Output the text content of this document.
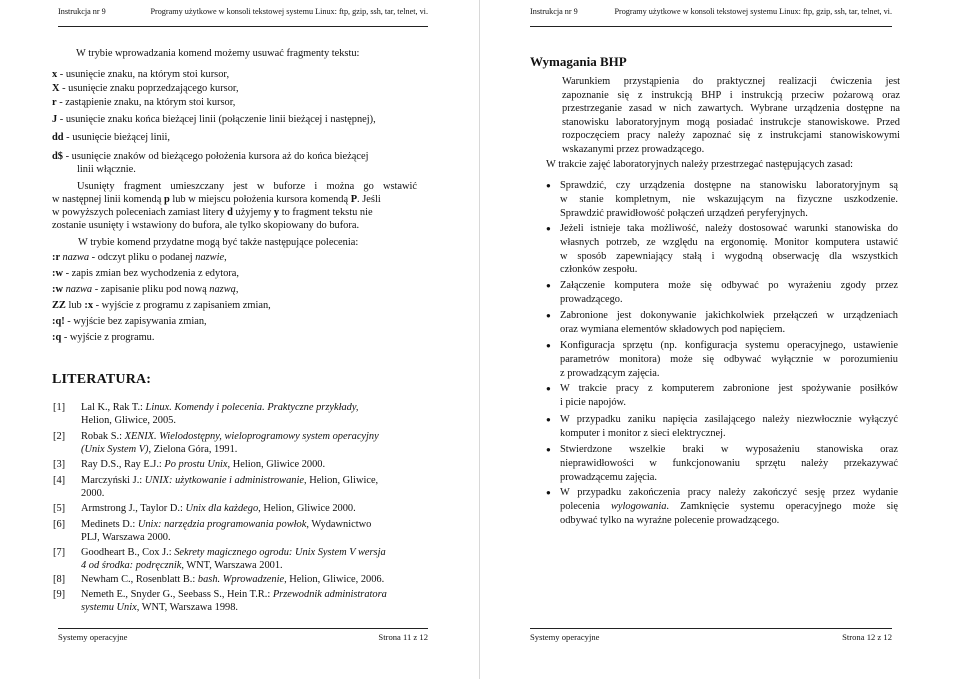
Instrukcja nr 9	Programy użytkowe w konsoli tekstowej systemu Linux: ftp, gzip, ssh, tar, telnet, vi.
W trybie wprowadzania komend możemy usuwać fragmenty tekstu:
x - usunięcie znaku, na którym stoi kursor,
X - usunięcie znaku poprzedzającego kursor,
r - zastąpienie znaku, na którym stoi kursor,
J - usunięcie znaku końca bieżącej linii (połączenie linii bieżącej i następnej),
dd - usunięcie bieżącej linii,
d$ - usunięcie znaków od bieżącego położenia kursora aż do końca bieżącej
linii włącznie.
Usunięty fragment umieszczany jest w buforze i można go wstawić
w następnej linii komendą p lub w miejscu położenia kursora komendą P. Jeśli
w powyższych poleceniach zamiast litery d użyjemy y to fragment tekstu nie
zostanie usunięty i wstawiony do bufora, ale tylko skopiowany do bufora.
W trybie komend przydatne mogą być także następujące polecenia:
:r nazwa - odczyt pliku o podanej nazwie,
:w - zapis zmian bez wychodzenia z edytora,
:w nazwa - zapisanie pliku pod nową nazwą,
ZZ lub :x - wyjście z programu z zapisaniem zmian,
:q! - wyjście bez zapisywania zmian,
:q - wyjście z programu.
LITERATURA:
[1] Lal K., Rak T.: Linux. Komendy i polecenia. Praktyczne przykłady,
Helion, Gliwice, 2005.
[2] Robak S.: XENIX. Wielodostępny, wieloprogramowy system operacyjny
(Unix System V), Zielona Góra, 1991.
[3] Ray D.S., Ray E.J.: Po prostu Unix, Helion, Gliwice 2000.
[4] Marczyński J.: UNIX: użytkowanie i administrowanie, Helion, Gliwice,
2000.
[5] Armstrong J., Taylor D.: Unix dla każdego, Helion, Gliwice 2000.
[6] Medinets D.: Unix: narzędzia programowania powłok, Wydawnictwo
PLJ, Warszawa 2000.
[7] Goodheart B., Cox J.: Sekrety magicznego ogrodu: Unix System V wersja
4 od środka: podręcznik, WNT, Warszawa 2001.
[8] Newham C., Rosenblatt B.: bash. Wprowadzenie, Helion, Gliwice, 2006.
[9] Nemeth E., Snyder G., Seebass S., Hein T.R.: Przewodnik administratora
systemu Unix, WNT, Warszawa 1998.
Systemy operacyjne	Strona 11 z 12
Instrukcja nr 9	Programy użytkowe w konsoli tekstowej systemu Linux: ftp, gzip, ssh, tar, telnet, vi.
Wymagania BHP
Warunkiem przystąpienia do praktycznej realizacji ćwiczenia jest
zapoznanie się z instrukcją BHP i instrukcją przeciw pożarową oraz
przestrzeganie zasad w nich zawartych. Wybrane urządzenia dostępne na
stanowisku laboratoryjnym mogą posiadać instrukcje stanowiskowe. Przed
rozpoczęciem pracy należy zapoznać się z instrukcjami stanowiskowymi
wskazanymi przez prowadzącego.
W trakcie zajęć laboratoryjnych należy przestrzegać następujących zasad:
● Sprawdzić, czy urządzenia dostępne na stanowisku laboratoryjnym są
w stanie kompletnym, nie wskazującym na fizyczne uszkodzenie.
Sprawdzić prawidłowość połączeń urządzeń peryferyjnych.
● Jeżeli istnieje taka możliwość, należy dostosować warunki stanowiska do
własnych potrzeb, ze względu na ergonomię. Monitor komputera ustawić
w sposób zapewniający stałą i wygodną obserwację dla wszystkich
członków zespołu.
● Załączenie komputera może się odbywać po wyrażeniu zgody przez
prowadzącego.
● Zabronione jest dokonywanie jakichkolwiek przełączeń w urządzeniach
oraz wymiana elementów składowych pod napięciem.
● Konfiguracja sprzętu (np. konfiguracja systemu operacyjnego, ustawienie
parametrów monitora) może się odbywać wyłącznie w porozumieniu
z prowadzącym zajęcia.
● W trakcie pracy z komputerem zabronione jest spożywanie posiłków
i picie napojów.
● W przypadku zaniku napięcia zasilającego należy niezwłocznie wyłączyć
komputer i monitor z sieci elektrycznej.
● Stwierdzone wszelkie braki w wyposażeniu stanowiska oraz
nieprawidłowości w funkcjonowaniu sprzętu należy przekazywać
prowadzącemu zajęcia.
● W przypadku zakończenia pracy należy zakończyć sesję przez wydanie
polecenia wylogowania. Zamknięcie systemu operacyjnego może się
odbywać tylko na wyraźne polecenie prowadzącego.
Systemy operacyjne	Strona 12 z 12
